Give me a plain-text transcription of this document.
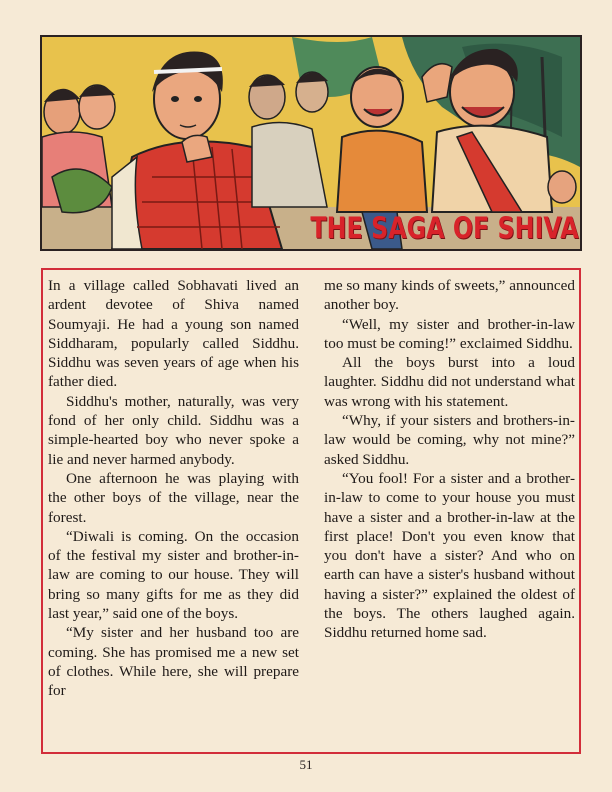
THE SAGA OF SHIVA

In a village called Sobhavati lived an ardent devotee of Shiva named Soumyaji. He had a young son named Siddharam, popularly called Siddhu. Siddhu was seven years of age when his father died.

Siddhu's mother, naturally, was very fond of her only child. Siddhu was a simple-hearted boy who never spoke a lie and never harmed anybody.

One afternoon he was playing with the other boys of the village, near the forest.

“Diwali is coming. On the occasion of the festival my sister and brother-in-law are coming to our house. They will bring so many gifts for me as they did last year,” said one of the boys.

“My sister and her husband too are coming. She has promised me a new set of clothes. While here, she will prepare for

me so many kinds of sweets,” announced another boy.

“Well, my sister and brother-in-law too must be coming!” exclaimed Siddhu.

All the boys burst into a loud laughter. Siddhu did not understand what was wrong with his statement.

“Why, if your sisters and brothers-in-law would be coming, why not mine?” asked Siddhu.

“You fool! For a sister and a brother-in-law to come to your house you must have a sister and a brother-in-law at the first place! Don't you even know that you don't have a sister? And who on earth can have a sister's husband without having a sister?” explained the oldest of the boys. The others laughed again. Siddhu returned home sad.

51
